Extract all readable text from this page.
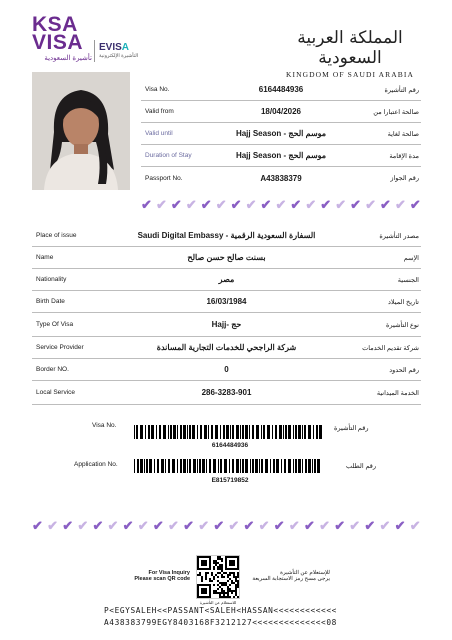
KSA
VISA
تأشيرة السعودية
EVISA
التأشيرة الإلكترونية
المملكة العربية السعودية
KINGDOM OF SAUDI ARABIA
Visa No.	6164484936	رقم التأشيرة
Valid from	18/04/2026	صالحة اعتبارا من
Valid until	Hajj Season - موسم الحج	صالحة لغاية
Duration of Stay	Hajj Season - موسم الحج	مدة الإقامة
Passport No.	A43838379	رقم الجواز
✔ ✔ ✔ ✔ ✔ ✔ ✔ ✔ ✔ ✔ ✔ ✔ ✔ ✔ ✔ ✔ ✔ ✔ ✔
Place of issue	Saudi Digital Embassy - السفارة السعودية الرقمية	مصدر التأشيرة
Name	بسنت صالح حسن صالح	الإسم
Nationality	مصر	الجنسية
Birth Date	16/03/1984	تاريخ الميلاد
Type Of Visa	Hajj- حج	نوع التأشيرة
Service Provider	شركة الراجحي للخدمات التجارية المساندة	شركة تقديم الخدمات
Border NO.	0	رقم الحدود
Local Service	286-3283-901	الخدمة الميدانية
Visa No.
6164484936
رقم التأشيرة
Application No.
E815719852
رقم الطلب
✔ ✔ ✔ ✔ ✔ ✔ ✔ ✔ ✔ ✔ ✔ ✔ ✔ ✔ ✔ ✔ ✔ ✔ ✔ ✔ ✔ ✔ ✔ ✔ ✔ ✔
For Visa Inquiry
Please scan QR code
للاستعلام عن التأشيرة
للإستعلام عن التأشيرة
يرجى مسح رمز الاستجابة السريعة
P<EGYSALEH<<PASSANT<SALEH<HASSAN<<<<<<<<<<<<
A438383799EGY8403168F3212127<<<<<<<<<<<<<<08
